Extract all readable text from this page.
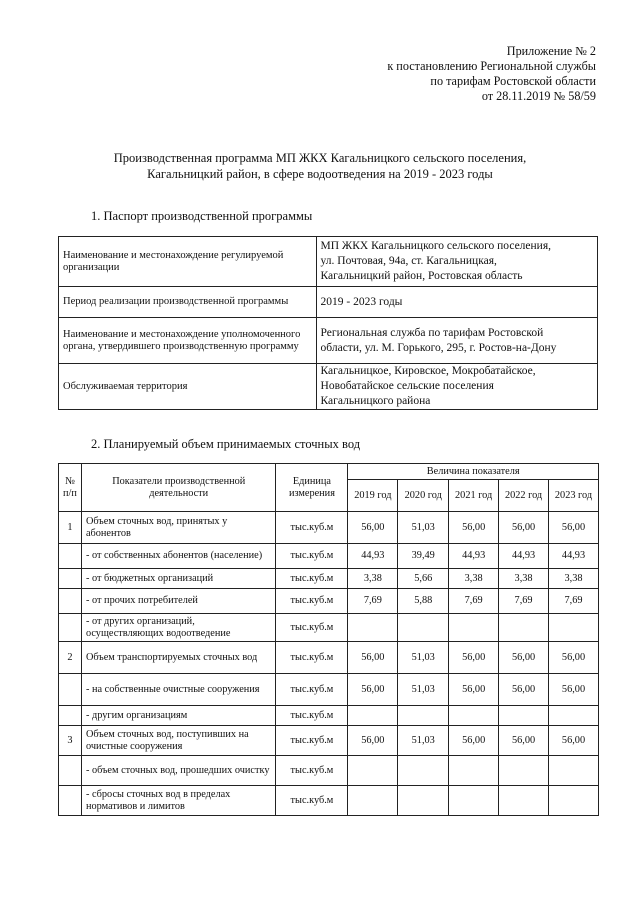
Приложение № 2
к постановлению Региональной службы
по тарифам Ростовской области
от 28.11.2019 № 58/59
Производственная программа МП ЖКХ Кагальницкого сельского поселения,
Кагальницкий район, в сфере водоотведения на 2019 - 2023 годы
1. Паспорт производственной программы
Наименование и местонахождение регулируемой организации	МП ЖКХ Кагальницкого сельского поселения,
ул. Почтовая, 94а, ст. Кагальницкая,
Кагальницкий район, Ростовская область

Период реализации производственной программы	2019 - 2023 годы

Наименование и местонахождение уполномоченного органа, утвердившего производственную программу	Региональная служба по тарифам Ростовской
области, ул. М. Горького, 295, г. Ростов-на-Дону

Обслуживаемая территория	Кагальницкое, Кировское, Мокробатайское,
Новобатайское сельские поселения
Кагальницкого района
2. Планируемый объем принимаемых сточных вод
№ п/п	Показатели производственной деятельности	Единица измерения	Величина показателя				
			2019 год	2020 год	2021 год	2022 год	2023 год
1	Объем сточных вод, принятых у абонентов	тыс.куб.м	56,00	51,03	56,00	56,00	56,00
	- от собственных абонентов (население)	тыс.куб.м	44,93	39,49	44,93	44,93	44,93
	- от бюджетных организаций	тыс.куб.м	3,38	5,66	3,38	3,38	3,38
	- от прочих потребителей	тыс.куб.м	7,69	5,88	7,69	7,69	7,69
	- от других организаций, осуществляющих водоотведение	тыс.куб.м					
2	Объем транспортируемых сточных вод	тыс.куб.м	56,00	51,03	56,00	56,00	56,00
	- на собственные очистные сооружения	тыс.куб.м	56,00	51,03	56,00	56,00	56,00
	- другим организациям	тыс.куб.м					
3	Объем сточных вод, поступивших на очистные сооружения	тыс.куб.м	56,00	51,03	56,00	56,00	56,00
	- объем сточных вод, прошедших очистку	тыс.куб.м					
	- сбросы сточных вод в пределах нормативов и лимитов	тыс.куб.м					
